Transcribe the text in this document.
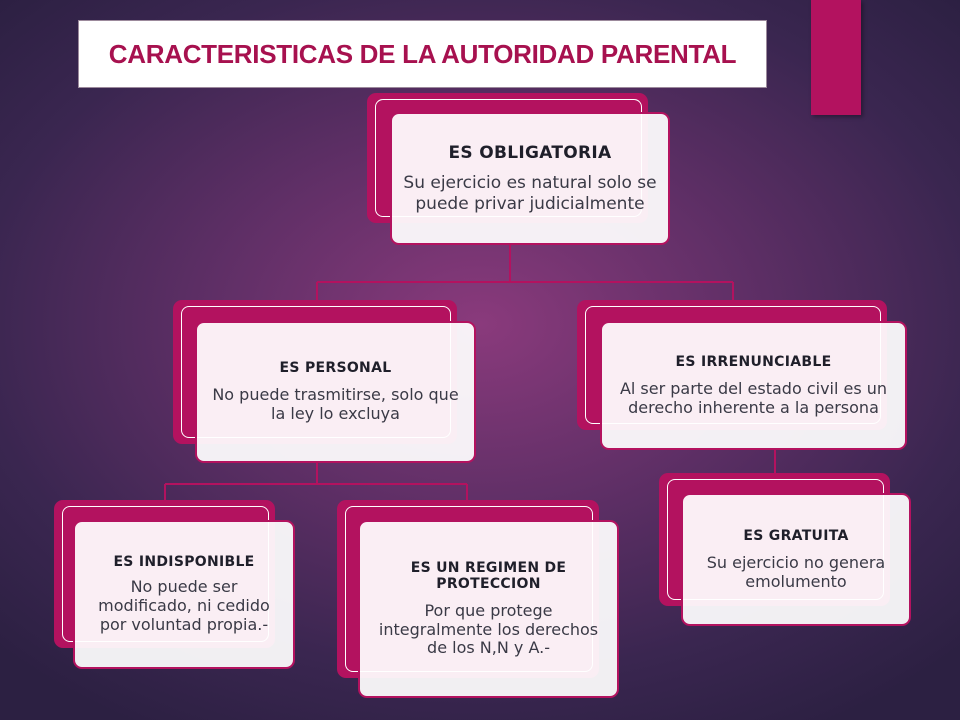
CARACTERISTICAS DE LA AUTORIDAD PARENTAL
ES OBLIGATORIA
Su ejercicio es natural solo se puede privar judicialmente
ES PERSONAL
No puede trasmitirse, solo que la ley lo excluya
ES IRRENUNCIABLE
Al ser parte del estado civil es un derecho inherente a la persona
ES INDISPONIBLE
No puede ser modificado, ni cedido por voluntad propia.-
ES UN REGIMEN DE PROTECCION
Por que protege integralmente los derechos de los N,N y A.-
ES GRATUITA
Su ejercicio no genera emolumento
